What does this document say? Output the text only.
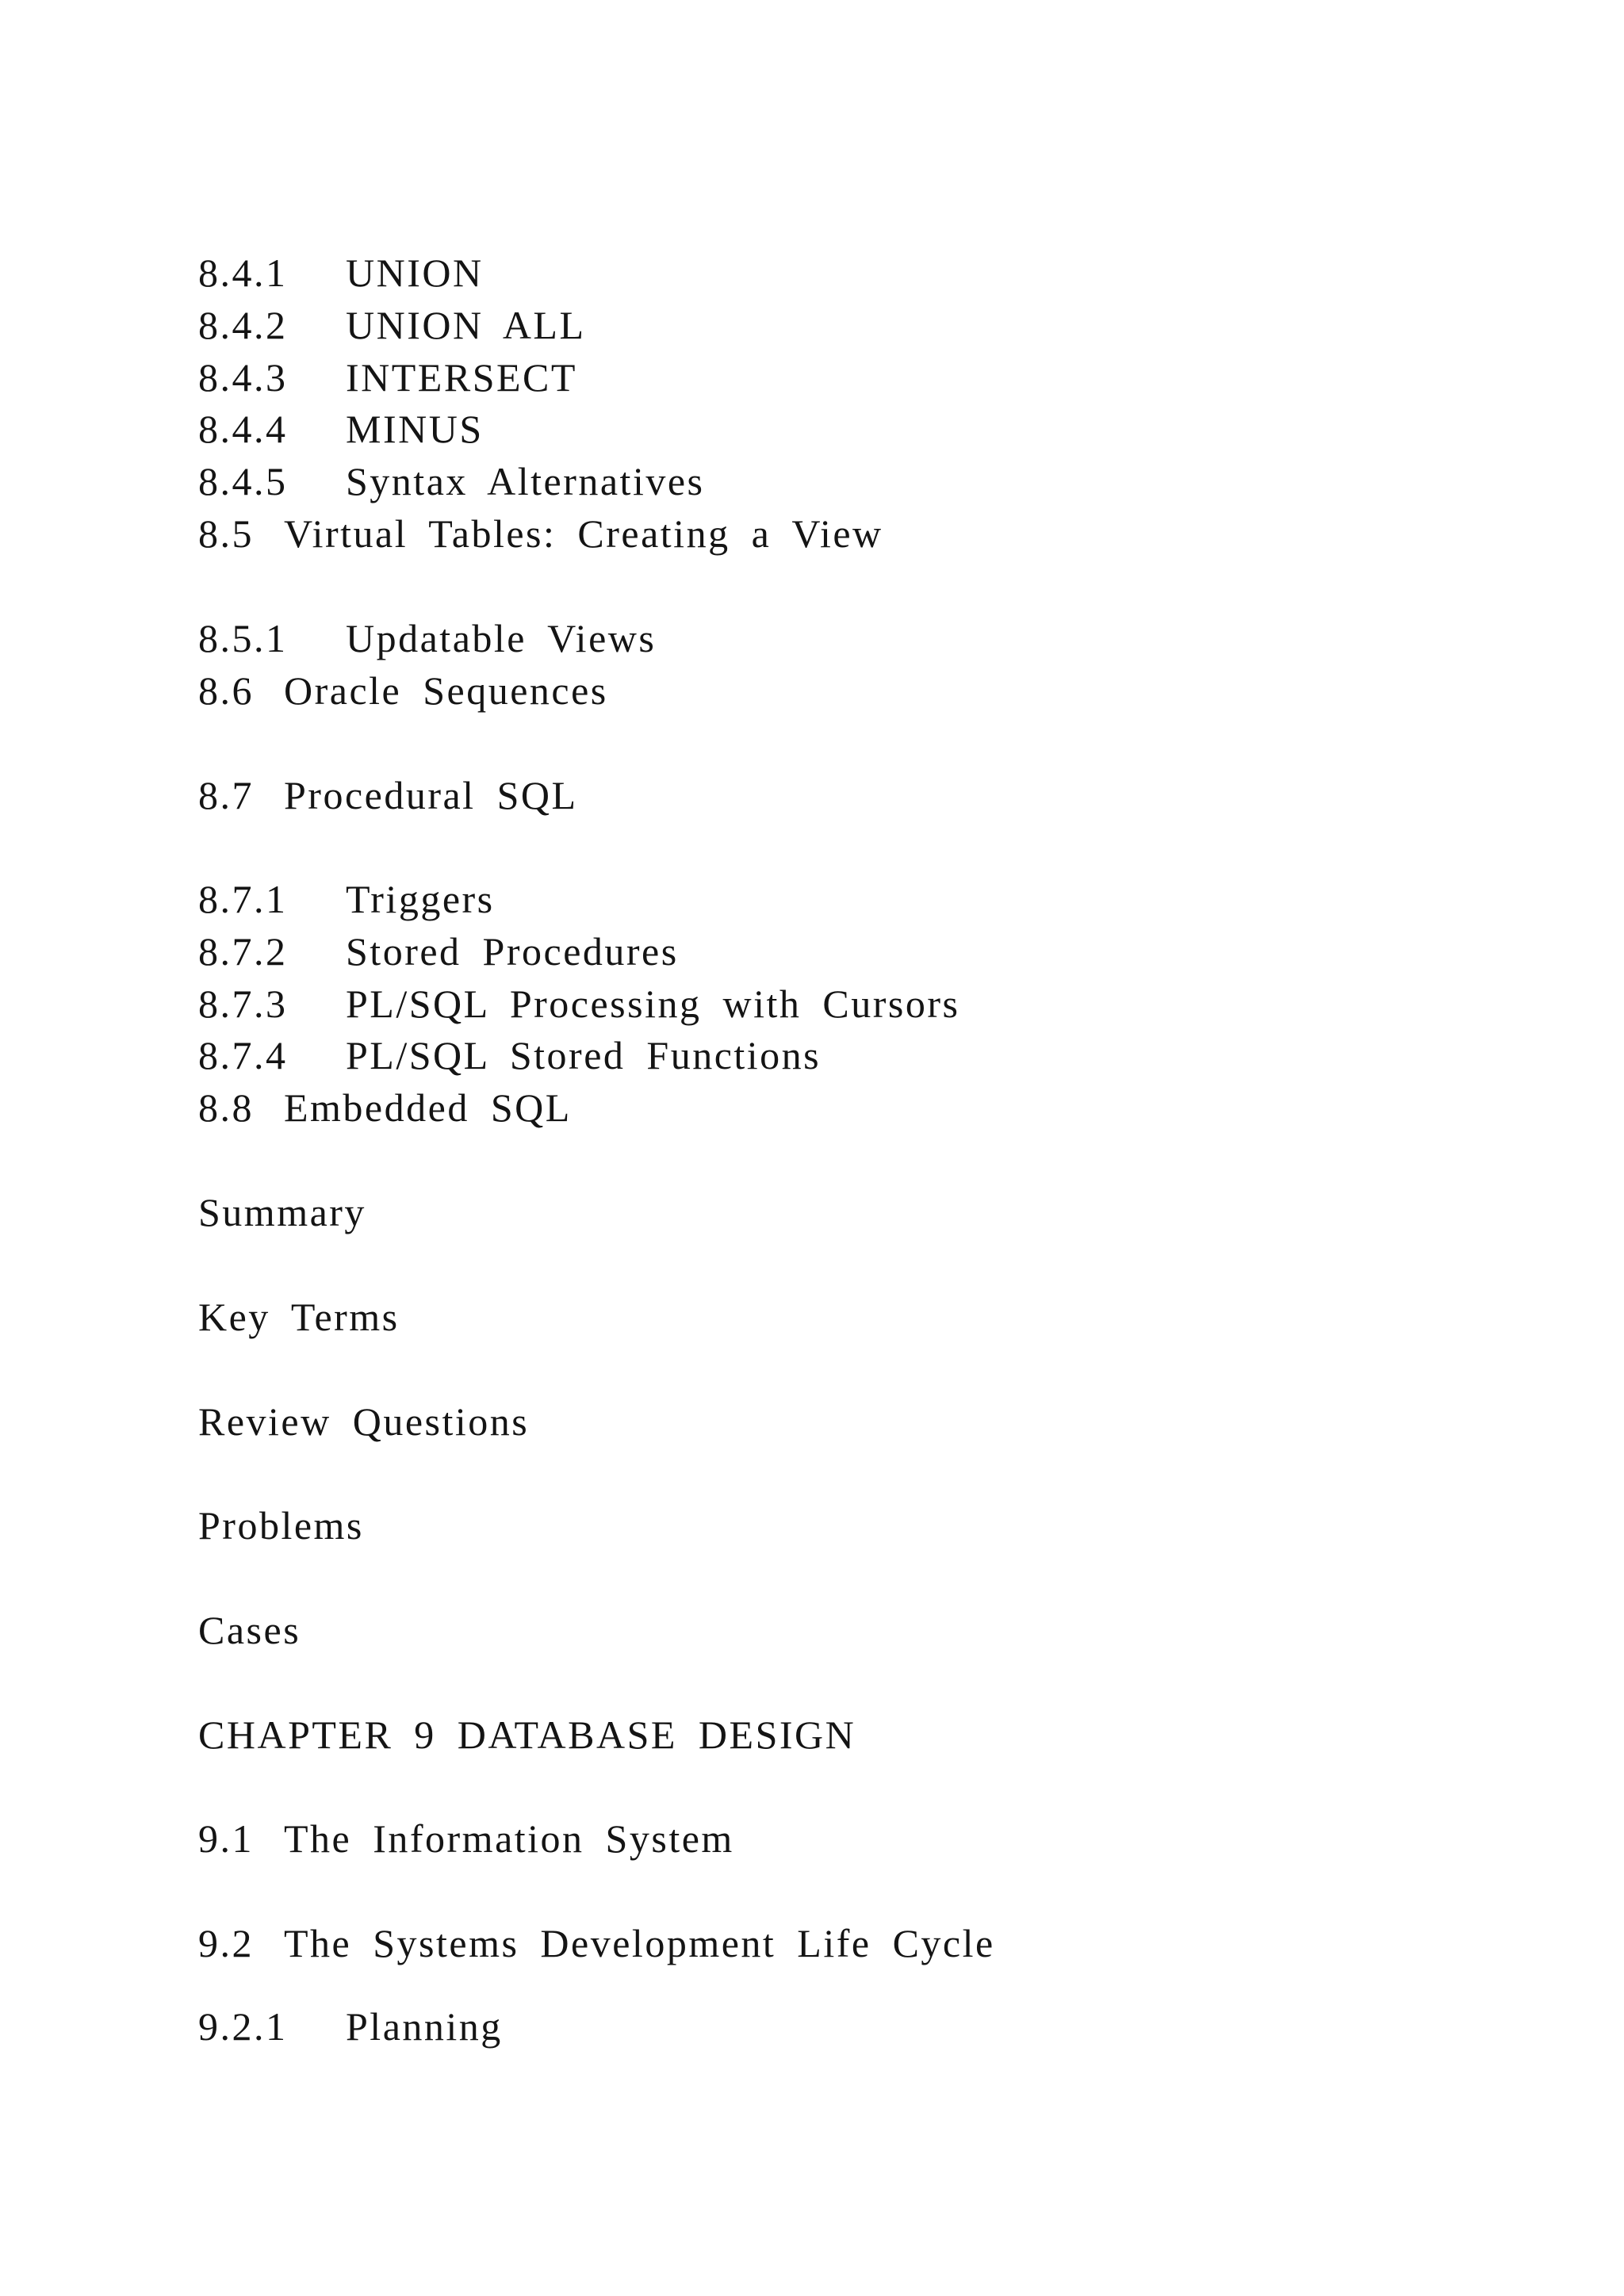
8.4.1 UNION

8.4.2 UNION ALL

8.4.3 INTERSECT

8.4.4 MINUS

8.4.5 Syntax Alternatives

8.5 Virtual Tables: Creating a View

8.5.1 Updatable Views

8.6 Oracle Sequences

8.7 Procedural SQL

8.7.1 Triggers

8.7.2 Stored Procedures

8.7.3 PL/SQL Processing with Cursors

8.7.4 PL/SQL Stored Functions

8.8 Embedded SQL

Summary

Key Terms

Review Questions

Problems

Cases

CHAPTER 9 DATABASE DESIGN

9.1 The Information System

9.2 The Systems Development Life Cycle

9.2.1 Planning
